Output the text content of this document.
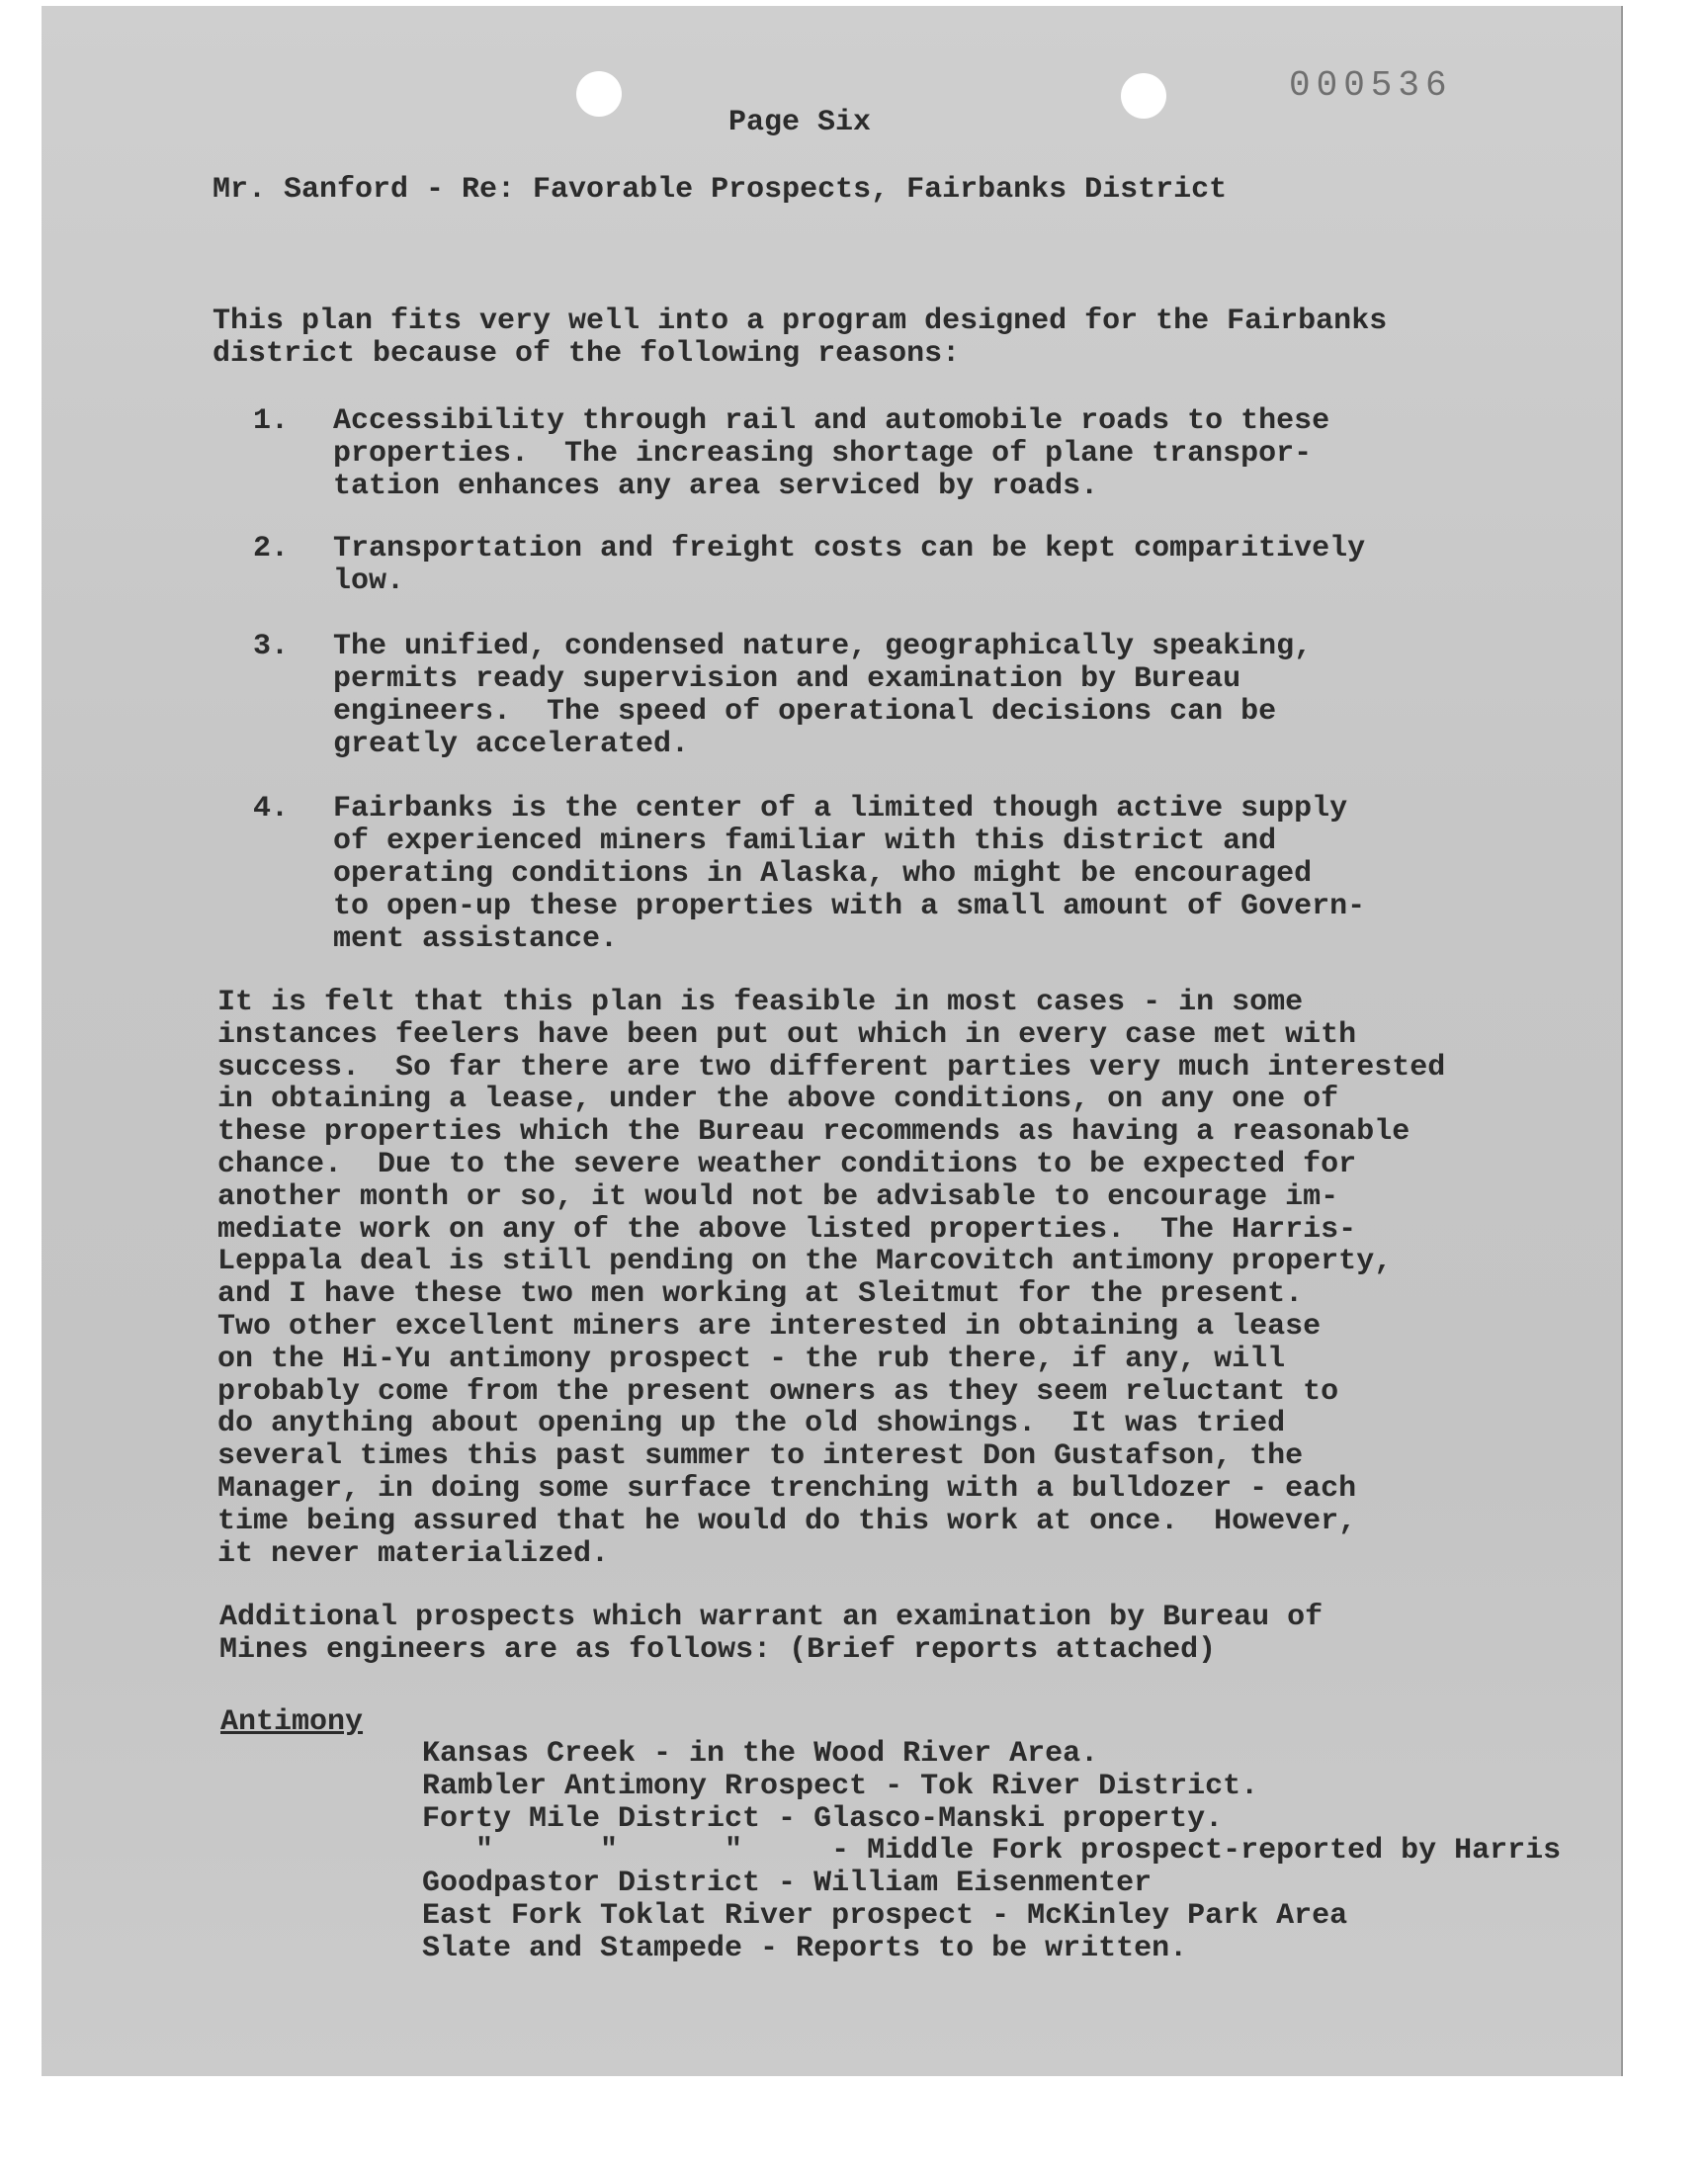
000536
Page Six
Mr. Sanford - Re: Favorable Prospects, Fairbanks District
This plan fits very well into a program designed for the Fairbanks
district because of the following reasons:
1. Accessibility through rail and automobile roads to these
properties.  The increasing shortage of plane transpor-
tation enhances any area serviced by roads.
2. Transportation and freight costs can be kept comparitively
low.
3. The unified, condensed nature, geographically speaking,
permits ready supervision and examination by Bureau
engineers.  The speed of operational decisions can be
greatly accelerated.
4. Fairbanks is the center of a limited though active supply
of experienced miners familiar with this district and
operating conditions in Alaska, who might be encouraged
to open-up these properties with a small amount of Govern-
ment assistance.
It is felt that this plan is feasible in most cases - in some
instances feelers have been put out which in every case met with
success.  So far there are two different parties very much interested
in obtaining a lease, under the above conditions, on any one of
these properties which the Bureau recommends as having a reasonable
chance.  Due to the severe weather conditions to be expected for
another month or so, it would not be advisable to encourage im-
mediate work on any of the above listed properties.  The Harris-
Leppala deal is still pending on the Marcovitch antimony property,
and I have these two men working at Sleitmut for the present.
Two other excellent miners are interested in obtaining a lease
on the Hi-Yu antimony prospect - the rub there, if any, will
probably come from the present owners as they seem reluctant to
do anything about opening up the old showings.  It was tried
several times this past summer to interest Don Gustafson, the
Manager, in doing some surface trenching with a bulldozer - each
time being assured that he would do this work at once.  However,
it never materialized.
Additional prospects which warrant an examination by Bureau of
Mines engineers are as follows: (Brief reports attached)
Antimony
Kansas Creek - in the Wood River Area.
Rambler Antimony Rrospect - Tok River District.
Forty Mile District - Glasco-Manski property.
"      "      "     - Middle Fork prospect-reported by Harris
Goodpastor District - William Eisenmenter
East Fork Toklat River prospect - McKinley Park Area
Slate and Stampede - Reports to be written.
